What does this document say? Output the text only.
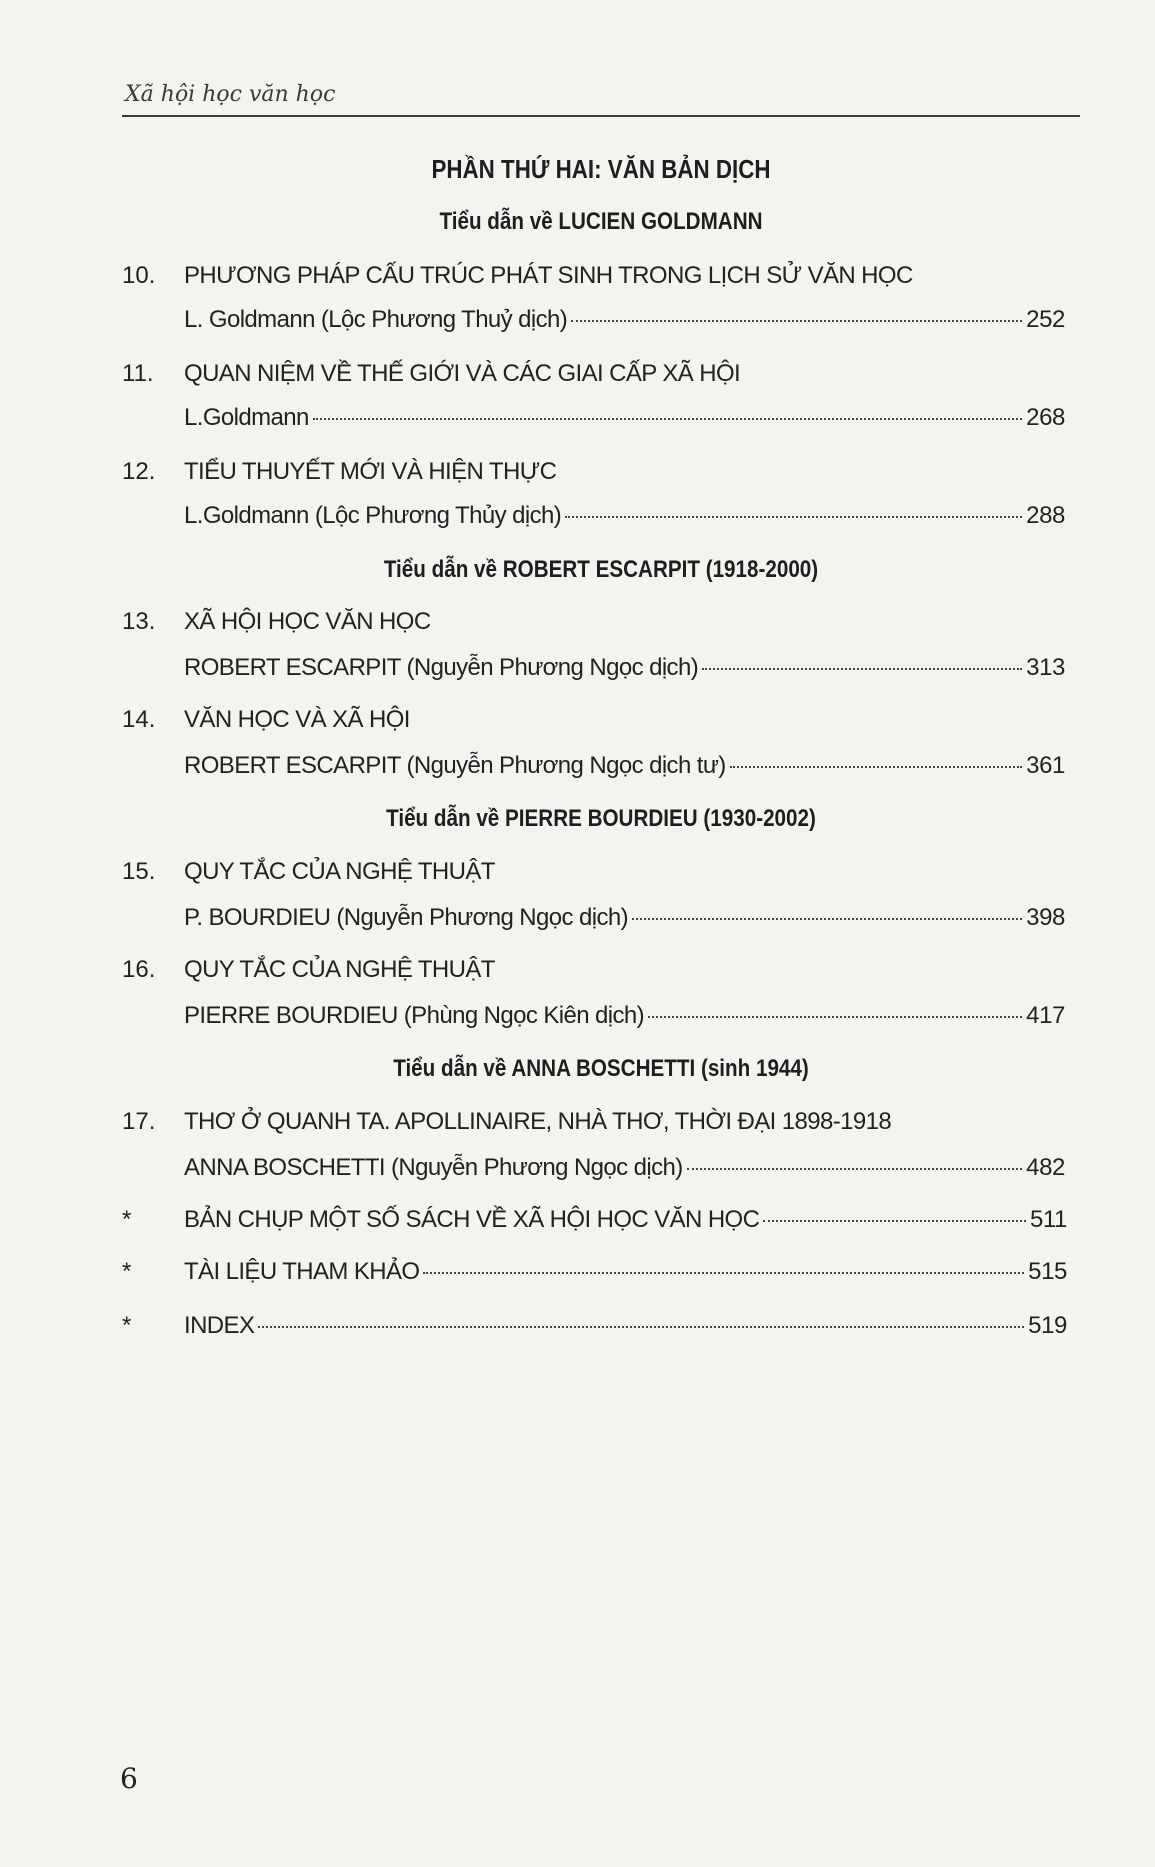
Xã hội học văn học
PHẦN THỨ HAI: VĂN BẢN DỊCH
Tiểu dẫn về LUCIEN GOLDMANN
10.	PHƯƠNG PHÁP CẤU TRÚC PHÁT SINH TRONG LỊCH SỬ VĂN HỌC
L. Goldmann (Lộc Phương Thuỷ dịch)	252
11.	QUAN NIỆM VỀ THẾ GIỚI VÀ CÁC GIAI CẤP XÃ HỘI
L.Goldmann	268
12.	TIỂU THUYẾT MỚI VÀ HIỆN THỰC
L.Goldmann (Lộc Phương Thủy dịch)	288
Tiểu dẫn về ROBERT ESCARPIT (1918-2000)
13.	XÃ HỘI HỌC VĂN HỌC
ROBERT ESCARPIT (Nguyễn Phương Ngọc dịch)	313
14.	VĂN HỌC VÀ XÃ HỘI
ROBERT ESCARPIT (Nguyễn Phương Ngọc dịch tư)	361
Tiểu dẫn về PIERRE BOURDIEU (1930-2002)
15.	QUY TẮC CỦA NGHỆ THUẬT
P. BOURDIEU (Nguyễn Phương Ngọc dịch)	398
16.	QUY TẮC CỦA NGHỆ THUẬT
PIERRE BOURDIEU (Phùng Ngọc Kiên dịch)	417
Tiểu dẫn về ANNA BOSCHETTI (sinh 1944)
17.	THƠ Ở QUANH TA. APOLLINAIRE, NHÀ THƠ, THỜI ĐẠI 1898-1918
ANNA BOSCHETTI (Nguyễn Phương Ngọc dịch)	482
*	BẢN CHỤP MỘT SỐ SÁCH VỀ XÃ HỘI HỌC VĂN HỌC	511
*	TÀI LIỆU THAM KHẢO	515
*	INDEX	519
6
